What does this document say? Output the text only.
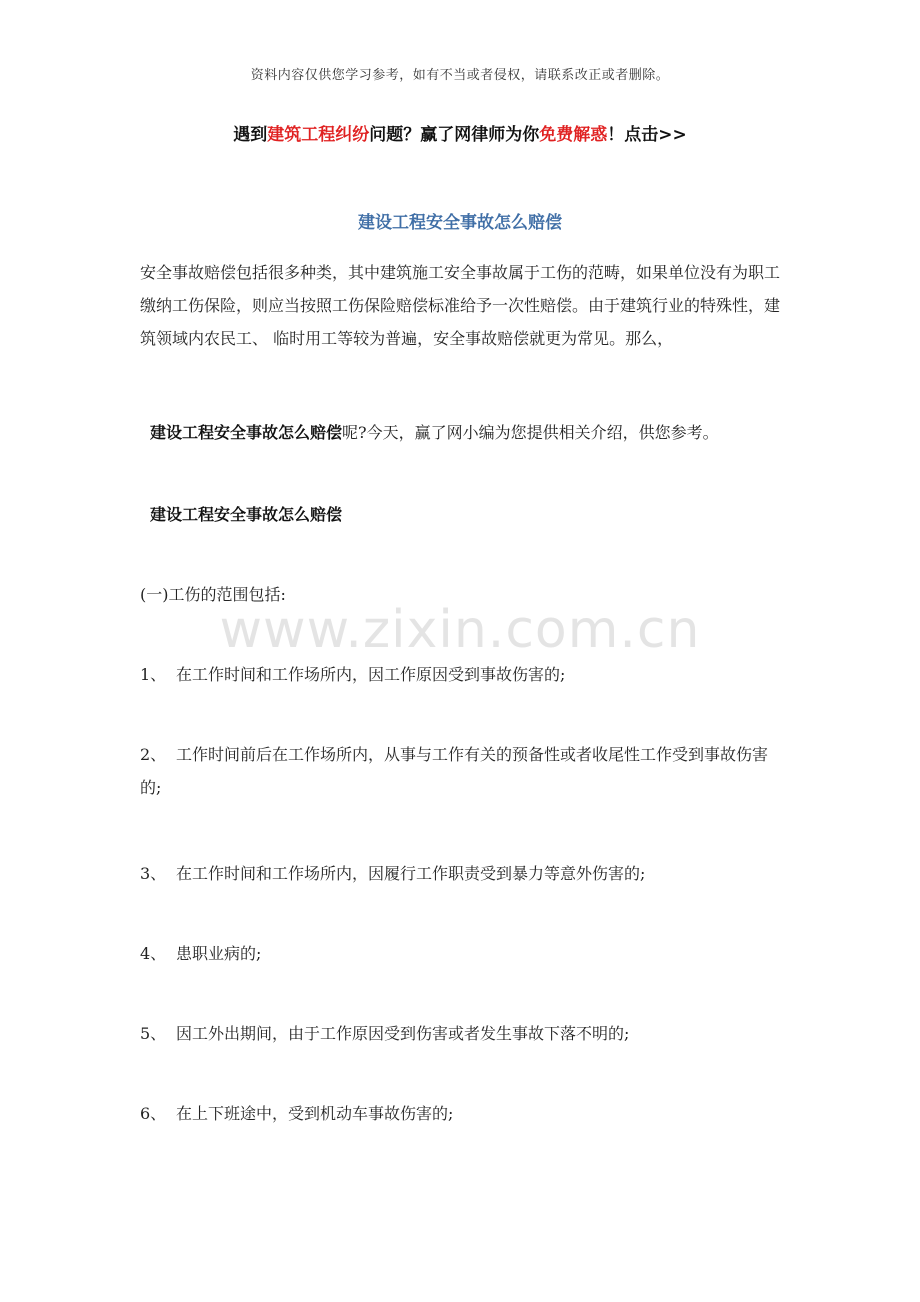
资料内容仅供您学习参考，如有不当或者侵权，请联系改正或者删除。
遇到建筑工程纠纷问题？赢了网律师为你免费解惑！点击>>
建设工程安全事故怎么赔偿
安全事故赔偿包括很多种类，其中建筑施工安全事故属于工伤的范畴，如果单位没有为职工缴纳工伤保险，则应当按照工伤保险赔偿标准给予一次性赔偿。由于建筑行业的特殊性，建筑领域内农民工、 临时用工等较为普遍，安全事故赔偿就更为常见。那么，
建设工程安全事故怎么赔偿呢?今天，赢了网小编为您提供相关介绍，供您参考。
建设工程安全事故怎么赔偿
(一)工伤的范围包括:
www.zixin.com.cn
1、 在工作时间和工作场所内，因工作原因受到事故伤害的;
2、 工作时间前后在工作场所内，从事与工作有关的预备性或者收尾性工作受到事故伤害的;
3、 在工作时间和工作场所内，因履行工作职责受到暴力等意外伤害的;
4、 患职业病的;
5、 因工外出期间，由于工作原因受到伤害或者发生事故下落不明的;
6、 在上下班途中，受到机动车事故伤害的;
